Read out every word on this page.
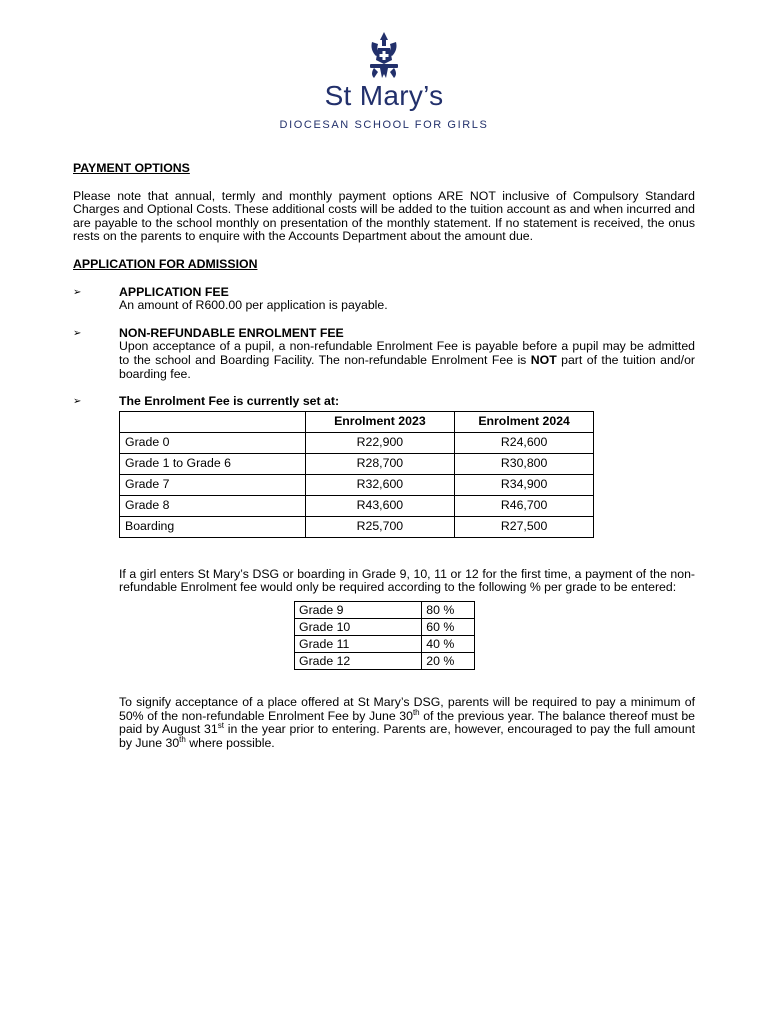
St Mary’s
DIOCESAN SCHOOL FOR GIRLS
PAYMENT OPTIONS

Please note that annual, termly and monthly payment options ARE NOT inclusive of Compulsory Standard Charges and Optional Costs. These additional costs will be added to the tuition account as and when incurred and are payable to the school monthly on presentation of the monthly statement. If no statement is received, the onus rests on the parents to enquire with the Accounts Department about the amount due.

APPLICATION FOR ADMISSION
➢	APPLICATION FEE

An amount of R600.00 per application is payable.

➢	NON-REFUNDABLE ENROLMENT FEE

Upon acceptance of a pupil, a non-refundable Enrolment Fee is payable before a pupil may be admitted to the school and Boarding Facility. The non-refundable Enrolment Fee is NOT part of the tuition and/or boarding fee.

➢	The Enrolment Fee is currently set at:
	Enrolment 2023	Enrolment 2024
Grade 0	R22,900	R24,600
Grade 1 to Grade 6	R28,700	R30,800
Grade 7	R32,600	R34,900
Grade 8	R43,600	R46,700
Boarding	R25,700	R27,500

If a girl enters St Mary’s DSG or boarding in Grade 9, 10, 11 or 12 for the first time, a payment of the non-refundable Enrolment fee would only be required according to the following % per grade to be entered:

Grade 9	80 %
Grade 10	60 %
Grade 11	40 %
Grade 12	20 %

To signify acceptance of a place offered at St Mary’s DSG, parents will be required to pay a minimum of 50% of the non-refundable Enrolment Fee by June 30th of the previous year. The balance thereof must be paid by August 31st in the year prior to entering. Parents are, however, encouraged to pay the full amount by June 30th where possible.
